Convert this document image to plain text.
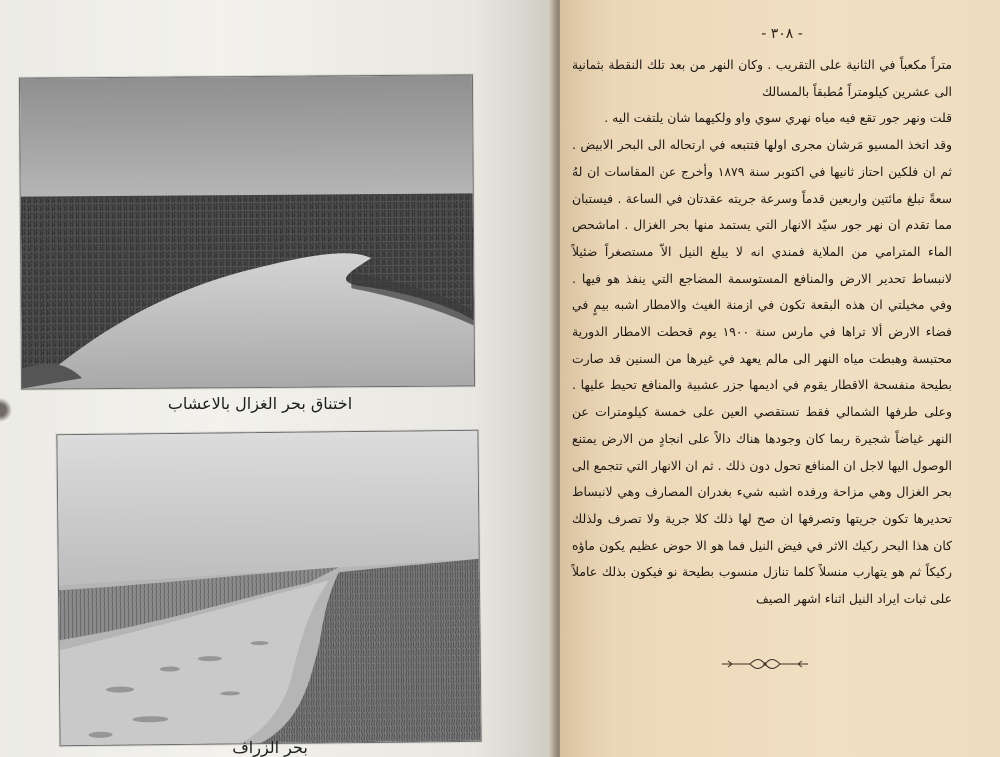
اختناق بحر الغزال بالاعشاب
بحر الزراف
- ٣٠٨ -

متراً مكعباً في الثانية على التقريب . وكان النهر من بعد تلك النقطة بثمانية الى عشرين كيلومتراً مُطبقاً بالمسالك

قلت ونهر جور تقع فيه مياه نهري سوي واو ولكيهما شان يلتفت اليه .

وقد اتخذ المسيو مَرشان مجرى اولها فتتبعه في ارتحاله الى البحر الابيض . ثم ان فلكين احتاز ثانيها في اكتوبر سنة ١٨٧٩ وأخرج عن المقاسات ان لهُ سعةً تبلغ مائتين واربعين قدماً وسرعة جريته عقدتان في الساعة . فيستبان مما تقدم ان نهر جور سيّد الانهار التي يستمد منها بحر الغزال . اماشحص الماء المترامي من الملاية فمندي انه لا يبلغ النيل الاّ مستصغراً ضئيلاً لانبساط تحدير الارض والمنافع المستوسمة المضاجع التي ينفذ هو فيها . وفي مخيلتي ان هذه البقعة تكون في ازمنة الغيث والامطار اشبه بيمٍ في فضاء الارض ألا تراها في مارس سنة ١٩٠٠ يوم قحطت الامطار الدورية محتبسة وهبطت مياه النهر الى مالم يعهد في غيرها من السنين قد صارت بطيحة منفسحة الاقطار يقوم في اديمها جزر عشبية والمنافع تحيط عليها . وعلى طرفها الشمالي فقط تستقصي العين على خمسة كيلومترات عن النهر غياضاً شجيرة ربما كان وجودها هناك دالاً على انجادٍ من الارض يمتنع الوصول اليها لاجل ان المنافع تحول دون ذلك . ثم ان الانهار التي تتجمع الى بحر الغزال وهي مزاحة ورفده اشبه شيء بغدران المصارف وهي لانبساط تحديرها تكون جريتها وتصرفها ان صح لها ذلك كلا جرية ولا تصرف ولذلك كان هذا البحر ركيك الاثر في فيض النيل فما هو الا حوض عظيم يكون ماؤه ركيكاً ثم هو يتهارب منسلاً كلما تنازل منسوب بطيحة نو فيكون بذلك عاملاً على ثبات ايراد النيل اثناء اشهر الصيف
